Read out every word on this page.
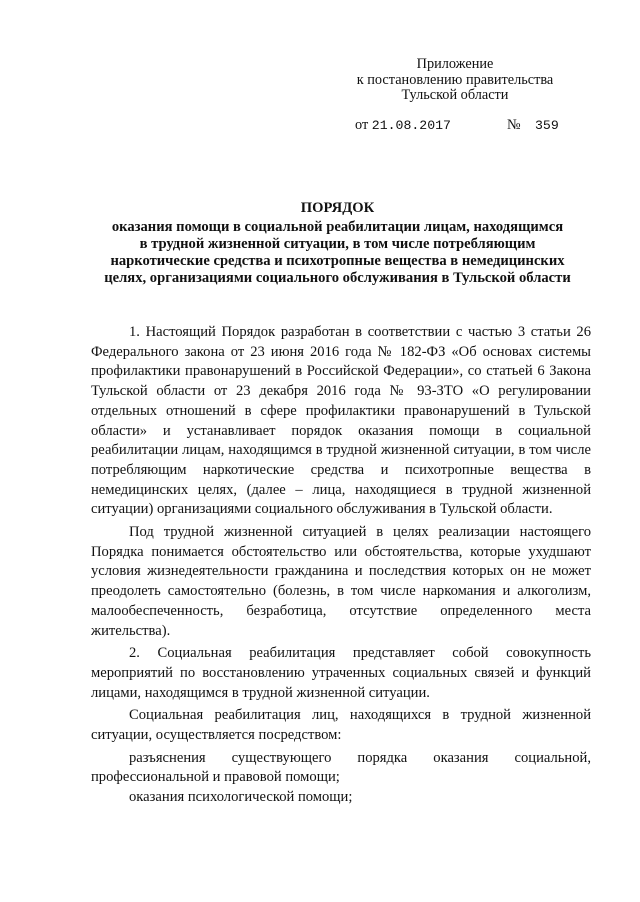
Приложение
к постановлению правительства
Тульской области
от 21.08.2017	№ 359
ПОРЯДОК
оказания помощи в социальной реабилитации лицам, находящимся
в трудной жизненной ситуации, в том числе потребляющим
наркотические средства и психотропные вещества в немедицинских
целях, организациями социального обслуживания в Тульской области

1. Настоящий Порядок разработан в соответствии с частью 3 статьи 26 Федерального закона от 23 июня 2016 года № 182-ФЗ «Об основах системы профилактики правонарушений в Российской Федерации», со статьей 6 Закона Тульской области от 23 декабря 2016 года № 93-ЗТО «О регулировании отдельных отношений в сфере профилактики правонарушений в Тульской области» и устанавливает порядок оказания помощи в социальной реабилитации лицам, находящимся в трудной жизненной ситуации, в том числе потребляющим наркотические средства и психотропные вещества в немедицинских целях, (далее – лица, находящиеся в трудной жизненной ситуации) организациями социального обслуживания в Тульской области.

Под трудной жизненной ситуацией в целях реализации настоящего Порядка понимается обстоятельство или обстоятельства, которые ухудшают условия жизнедеятельности гражданина и последствия которых он не может преодолеть самостоятельно (болезнь, в том числе наркомания и алкоголизм, малообеспеченность, безработица, отсутствие определенного места жительства).

2. Социальная реабилитация представляет собой совокупность мероприятий по восстановлению утраченных социальных связей и функций лицами, находящимся в трудной жизненной ситуации.

Социальная реабилитация лиц, находящихся в трудной жизненной ситуации, осуществляется посредством:

разъяснения существующего порядка оказания социальной, профессиональной и правовой помощи;

оказания психологической помощи;
